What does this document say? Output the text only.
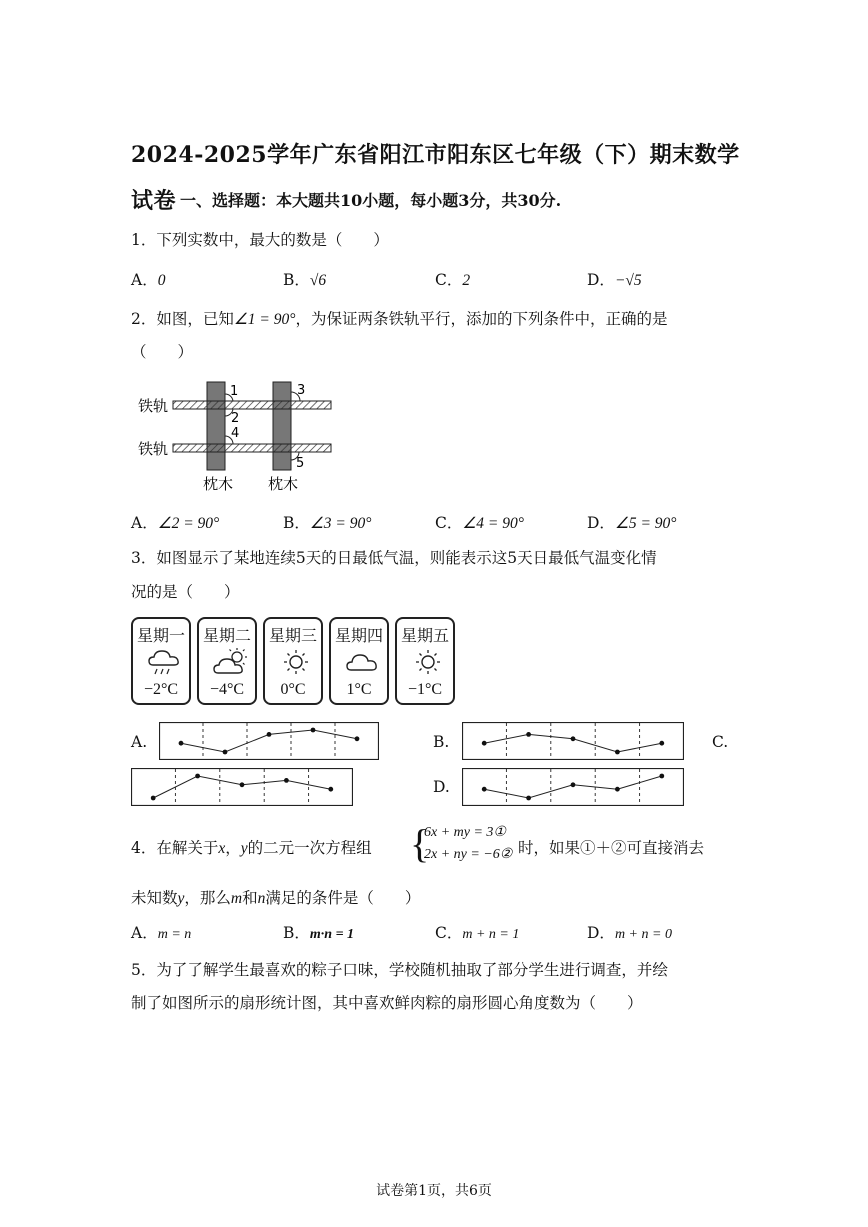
2024-2025学年广东省阳江市阳东区七年级（下）期末数学
试卷 一、选择题：本大题共10小题，每小题3分，共30分.
1．下列实数中，最大的数是（　　）
A．0	B．√6	C．2	D．−√5
2．如图，已知∠1 = 90°，为保证两条铁轨平行，添加的下列条件中，正确的是
（　　）
1
2
4
3
5
铁轨
铁轨
枕木 枕木
A．∠2 = 90°	B．∠3 = 90°	C．∠4 = 90°	D．∠5 = 90°
3．如图显示了某地连续5天的日最低气温，则能表示这5天日最低气温变化情
况的是（　　）
星期一
−2°C
星期二
−4°C
星期三
0°C
星期四
1°C
星期五
−1°C
A.	B.	C.
D.
4．在解关于x，y的二元一次方程组 {
6x + my = 3①
2x + ny = −6② 时，如果①＋②可直接消去
未知数y，那么m和n满足的条件是（　　）
A．m = n	B．m·n = 1	C．m + n = 1	D．m + n = 0
5．为了了解学生最喜欢的粽子口味，学校随机抽取了部分学生进行调查，并绘
制了如图所示的扇形统计图，其中喜欢鲜肉粽的扇形圆心角度数为（　　）
试卷第1页，共6页
